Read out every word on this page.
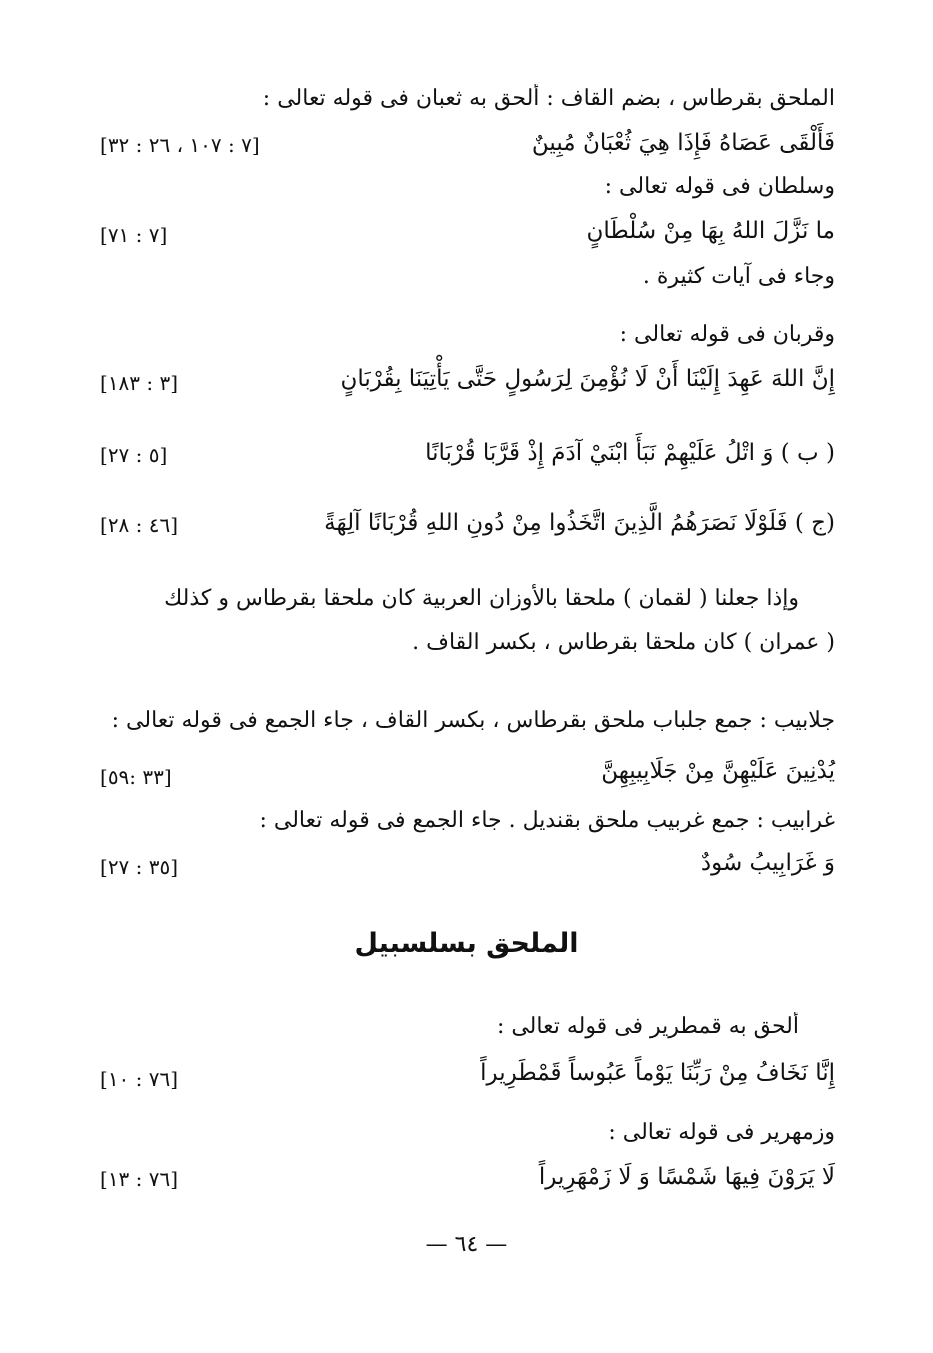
الملحق بقرطاس ، بضم القاف : ألحق به ثعبان فى قوله تعالى :
فَأَلْقَى عَصَاهُ فَإِذَا هِيَ ثُعْبَانٌ مُبِينٌ
[٧ : ١٠٧ ، ٢٦ : ٣٢]
وسلطان فى قوله تعالى :
ما نَزَّلَ اللهُ بِهَا مِنْ سُلْطَانٍ
[٧ : ٧١]
وجاء فى آيات كثيرة .
وقربان فى قوله تعالى :
إِنَّ اللهَ عَهِدَ إِلَيْنَا أَنْ لَا نُؤْمِنَ لِرَسُولٍ حَتَّى يَأْتِيَنَا بِقُرْبَانٍ
[٣ : ١٨٣]
( ب ) وَ اتْلُ عَلَيْهِمْ نَبَأَ ابْنَيْ آدَمَ إِذْ قَرَّبَا قُرْبَانًا
[٥ : ٢٧]
(ج ) فَلَوْلَا نَصَرَهُمُ الَّذِينَ اتَّخَذُوا مِنْ دُونِ اللهِ قُرْبَانًا آلِهَةً
[٤٦ : ٢٨]
وإذا جعلنا ( لقمان ) ملحقا بالأوزان العربية كان ملحقا بقرطاس و كذلك
( عمران ) كان ملحقا بقرطاس ، بكسر القاف .
جلابيب : جمع جلباب ملحق بقرطاس ، بكسر القاف ، جاء الجمع فى قوله تعالى :
يُدْنِينَ عَلَيْهِنَّ مِنْ جَلَابِيبِهِنَّ
[٣٣ :٥٩]
غرابيب : جمع غربيب ملحق بقنديل . جاء الجمع فى قوله تعالى :
وَ غَرَابِيبُ سُودٌ
[٣٥ : ٢٧]
الملحق بسلسبيل
ألحق به قمطرير فى قوله تعالى :
إِنَّا نَخَافُ مِنْ رَبِّنَا يَوْماً عَبُوساً قَمْطَرِيراً
[٧٦ : ١٠]
وزمهرير فى قوله تعالى :
لَا يَرَوْنَ فِيهَا شَمْسًا وَ لَا زَمْهَرِيراً
[٧٦ : ١٣]
— ٦٤ —
